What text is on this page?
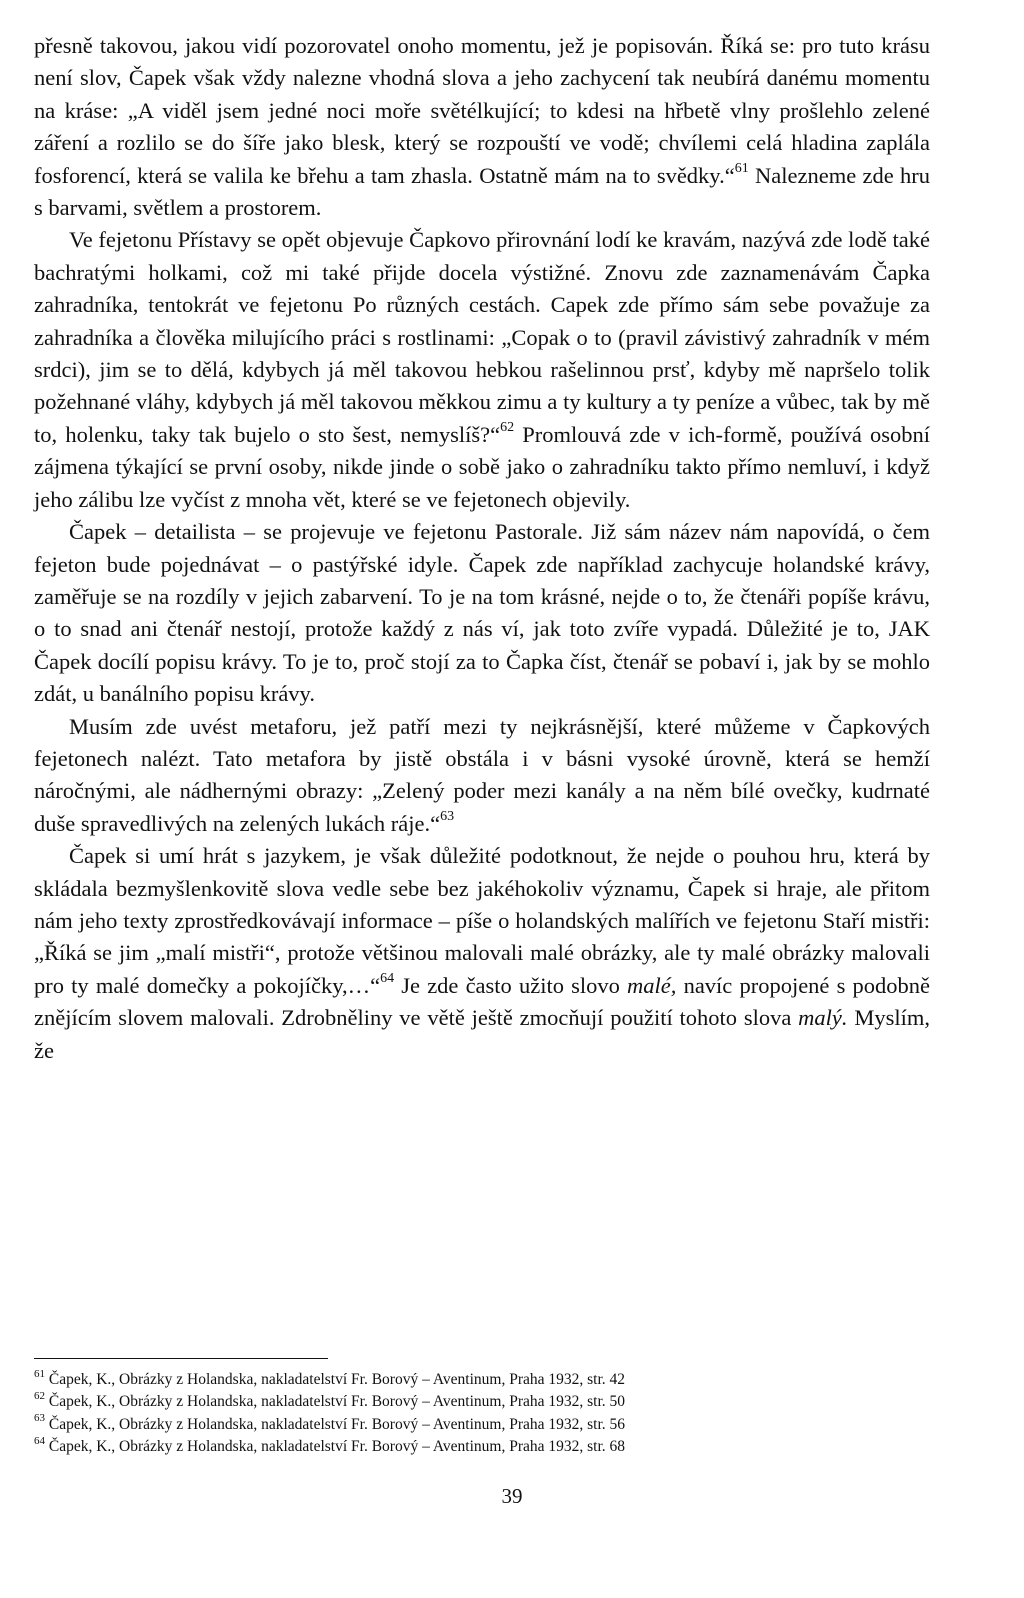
přesně takovou, jakou vidí pozorovatel onoho momentu, jež je popisován. Říká se: pro tuto krásu není slov, Čapek však vždy nalezne vhodná slova a jeho zachycení tak neubírá danému momentu na kráse: „A viděl jsem jedné noci moře světélkující; to kdesi na hřbetě vlny prošlehlo zelené záření a rozlilo se do šíře jako blesk, který se rozpouští ve vodě; chvílemi celá hladina zaplála fosforencí, která se valila ke břehu a tam zhasla. Ostatně mám na to svědky.“$^{61}$ Nalezneme zde hru s barvami, světlem a prostorem.

Ve fejetonu Přístavy se opět objevuje Čapkovo přirovnání lodí ke kravám, nazývá zde lodě také bachratými holkami, což mi také přijde docela výstižné. Znovu zde zaznamenávám Čapka zahradníka, tentokrát ve fejetonu Po různých cestách. Capek zde přímo sám sebe považuje za zahradníka a člověka milujícího práci s rostlinami: „Copak o to (pravil závistivý zahradník v mém srdci), jim se to dělá, kdybych já měl takovou hebkou rašelinnou prsť, kdyby mě napršelo tolik požehnané vláhy, kdybych já měl takovou měkkou zimu a ty kultury a ty peníze a vůbec, tak by mě to, holenku, taky tak bujelo o sto šest, nemyslíš?“$^{62}$ Promlouvá zde v ich-formě, používá osobní zájmena týkající se první osoby, nikde jinde o sobě jako o zahradníku takto přímo nemluví, i když jeho zálibu lze vyčíst z mnoha vět, které se ve fejetonech objevily.

Čapek – detailista – se projevuje ve fejetonu Pastorale. Již sám název nám napovídá, o čem fejeton bude pojednávat – o pastýřské idyle. Čapek zde například zachycuje holandské krávy, zaměřuje se na rozdíly v jejich zabarvení. To je na tom krásné, nejde o to, že čtenáři popíše krávu, o to snad ani čtenář nestojí, protože každý z nás ví, jak toto zvíře vypadá. Důležité je to, JAK Čapek docílí popisu krávy. To je to, proč stojí za to Čapka číst, čtenář se pobaví i, jak by se mohlo zdát, u banálního popisu krávy.

Musím zde uvést metaforu, jež patří mezi ty nejkrásnější, které můžeme v Čapkových fejetonech nalézt. Tato metafora by jistě obstála i v básni vysoké úrovně, která se hemží náročnými, ale nádhernými obrazy: „Zelený poder mezi kanály a na něm bílé ovečky, kudrnaté duše spravedlivých na zelených lukách ráje.“$^{63}$

Čapek si umí hrát s jazykem, je však důležité podotknout, že nejde o pouhou hru, která by skládala bezmyšlenkovitě slova vedle sebe bez jakéhokoliv významu, Čapek si hraje, ale přitom nám jeho texty zprostředkovávají informace – píše o holandských malířích ve fejetonu Staří mistři: „Říká se jim „malí mistři“, protože většinou malovali malé obrázky, ale ty malé obrázky malovali pro ty malé domečky a pokojíčky,…“$^{64}$ Je zde často užito slovo malé, navíc propojené s podobně znějícím slovem malovali. Zdrobněliny ve větě ještě zmocňují použití tohoto slova malý. Myslím, že

$^{61}$ Čapek, K., Obrázky z Holandska, nakladatelství Fr. Borový – Aventinum, Praha 1932, str. 42
$^{62}$ Čapek, K., Obrázky z Holandska, nakladatelství Fr. Borový – Aventinum, Praha 1932, str. 50
$^{63}$ Čapek, K., Obrázky z Holandska, nakladatelství Fr. Borový – Aventinum, Praha 1932, str. 56
$^{64}$ Čapek, K., Obrázky z Holandska, nakladatelství Fr. Borový – Aventinum, Praha 1932, str. 68
39
